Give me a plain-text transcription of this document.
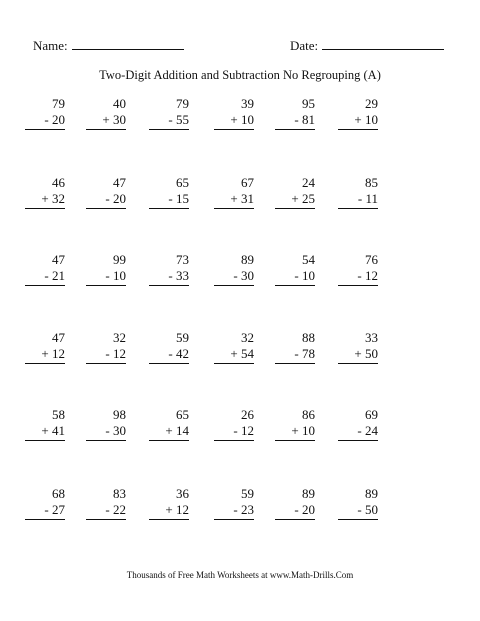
Name:	Date:
Two-Digit Addition and Subtraction No Regrouping (A)
79
- 20
40
+ 30
79
- 55
39
+ 10
95
- 81
29
+ 10
46
+ 32
47
- 20
65
- 15
67
+ 31
24
+ 25
85
- 11
47
- 21
99
- 10
73
- 33
89
- 30
54
- 10
76
- 12
47
+ 12
32
- 12
59
- 42
32
+ 54
88
- 78
33
+ 50
58
+ 41
98
- 30
65
+ 14
26
- 12
86
+ 10
69
- 24
68
- 27
83
- 22
36
+ 12
59
- 23
89
- 20
89
- 50
Thousands of Free Math Worksheets at www.Math-Drills.Com
